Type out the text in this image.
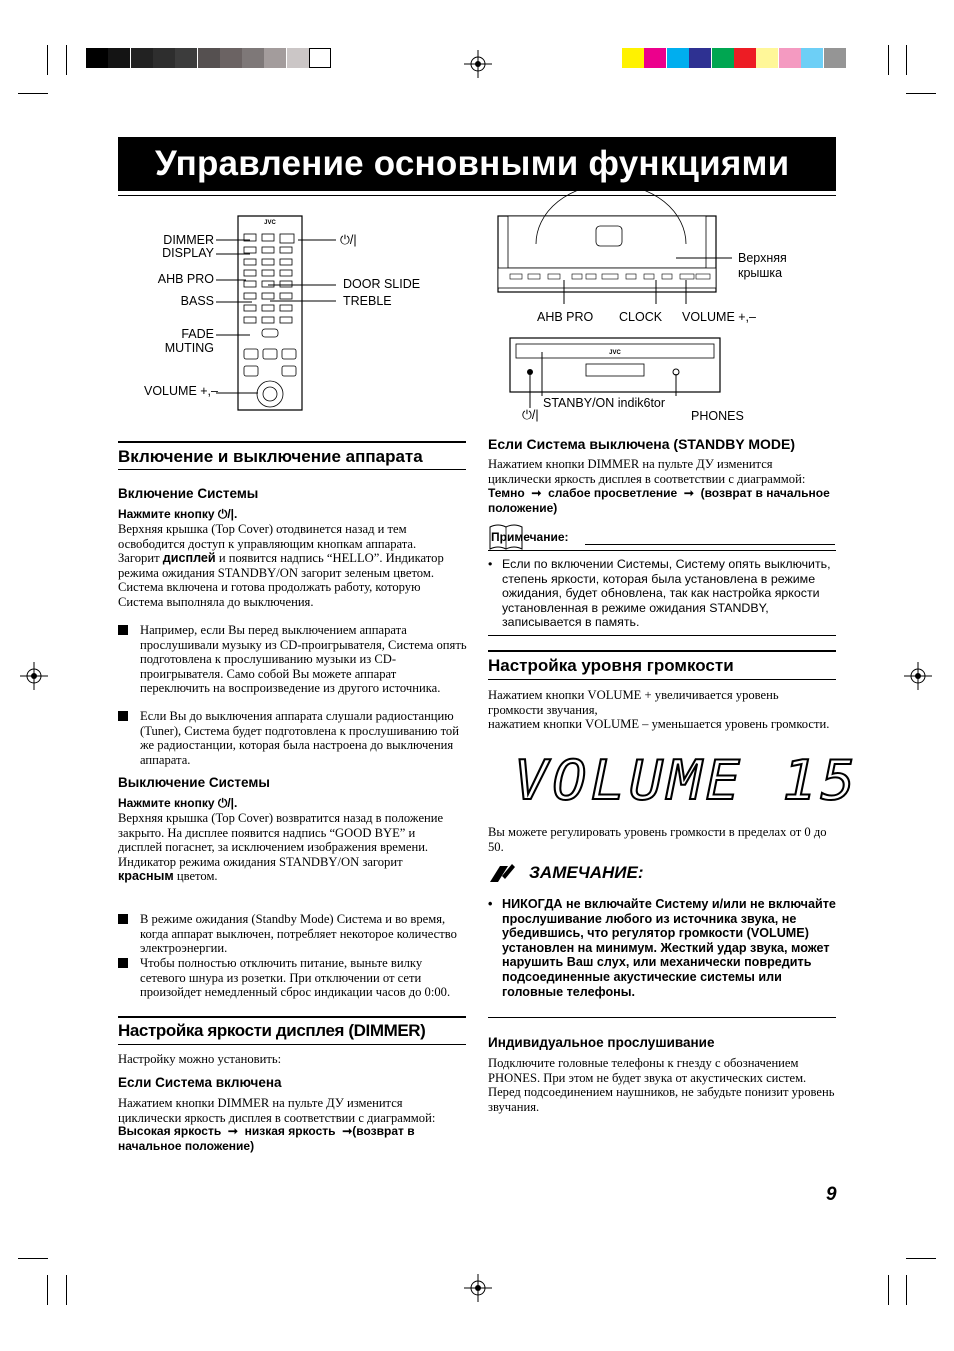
Управление основными функциями
JVC
DIMMER
DISPLAY
AHB PRO
BASS
FADE
MUTING
VOLUME +,–
⏻/|
DOOR SLIDE
TREBLE
Верхняя крышка
AHB PRO CLOCK VOLUME +,–
JVC
STANBY/ON indik6tor
⏻/|	PHONES
Включение и выключение аппарата
Включение Системы
Нажмите кнопку ⏻/|.
Верхняя крышка (Top Cover) отодвинется назад и тем освободится доступ к управляющим кнопкам аппарата. Загорит дисплей и появится надпись “HELLO”. Индикатор режима ожидания STANDBY/ON загорит зеленым цветом. Система включена и готова продолжать работу, которую Система выполняла до выключения.
Например, если Вы перед выключением аппарата прослушивали музыку из CD-проигрывателя, Система опять подготовлена к прослушиванию музыки из CD-проигрывателя. Само собой Вы можете аппарат переключить на воспроизведение из другого источника.
Если Вы до выключения аппарата слушали радиостанцию (Tuner), Система будет подготовлена к прослушиванию той же радиостанции, которая была настроена до выключения аппарата.
Выключение Системы
Нажмите кнопку ⏻/|.
Верхняя крышка (Top Cover) возвратится назад в положение закрыто. На дисплее появится надпись “GOOD BYE” и дисплей погаснет, за исключением изображения времени. Индикатор режима ожидания STANDBY/ON загорит красным цветом.
В режиме ожидания (Standby Mode) Система и во время, когда аппарат выключен, потребляет некоторое количество электроэнергии.
Чтобы полностью отключить питание, выньте вилку сетевого шнура из розетки. При отключении от сети произойдет немедленный сброс индикации часов до 0:00.
Настройка яркости дисплея (DIMMER)
Настройку можно установить:
Если Система включена
Нажатием кнопки DIMMER на пульте ДУ изменится циклически яркость дисплея в соответствии с диаграммой:
Высокая яркость  ➞  низкая яркость  ➞(возврат в начальное положение)
Если Система выключена (STANDBY MODE)
Нажатием кнопки DIMMER на пульте ДУ изменится циклически яркость дисплея в соответствии с диаграммой:
Темно  ➞  слабое просветление  ➞  (возврат в начальное положение)
Примечание:
• Если по включении Системы, Систему опять выключить, степень яркости, которая была установлена в режиме ожидания, будет обновлена, так как настройка яркости установленная в режиме ожидания STANDBY, записывается в память.
Настройка уровня громкости
Нажатием кнопки VOLUME + увеличивается уровень громкости звучания,
нажатием кнопки VOLUME – уменьшается уровень громкости.
VOLUME 15
Вы можете регулировать уровень громкости в пределах от 0 до 50.
ЗАМЕЧАНИЕ:
• НИКОГДА не включайте Систему и/или не включайте прослушивание любого из источника звука, не убедившись, что регулятор громкости (VOLUME) установлен на минимум. Жесткий удар звука, может нарушить Ваш слух, или механически повредить подсоединенные акустические системы или головные телефоны.
Индивидуальное прослушивание
Подключите головные телефоны к гнезду с обозначением PHONES. При этом не будет звука от акустических систем. Перед подсоединением наушников, не забудьте понизит уровень звучания.
9
